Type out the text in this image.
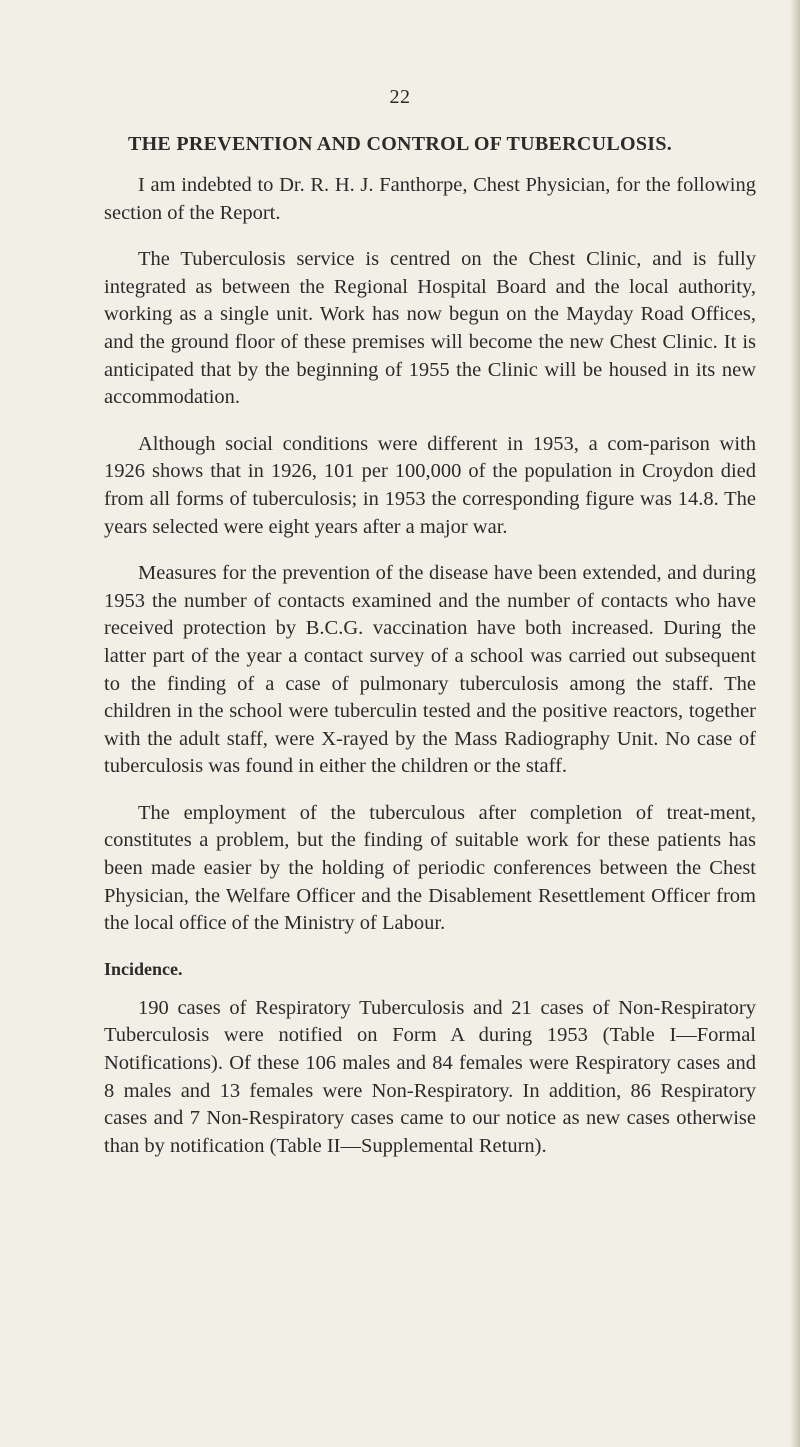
22
THE PREVENTION AND CONTROL OF TUBERCULOSIS.

I am indebted to Dr. R. H. J. Fanthorpe, Chest Physician, for the following section of the Report.

The Tuberculosis service is centred on the Chest Clinic, and is fully integrated as between the Regional Hospital Board and the local authority, working as a single unit. Work has now begun on the Mayday Road Offices, and the ground floor of these premises will become the new Chest Clinic. It is anticipated that by the beginning of 1955 the Clinic will be housed in its new accommodation.

Although social conditions were different in 1953, a com-parison with 1926 shows that in 1926, 101 per 100,000 of the population in Croydon died from all forms of tuberculosis; in 1953 the corresponding figure was 14.8. The years selected were eight years after a major war.

Measures for the prevention of the disease have been extended, and during 1953 the number of contacts examined and the number of contacts who have received protection by B.C.G. vaccination have both increased. During the latter part of the year a contact survey of a school was carried out subsequent to the finding of a case of pulmonary tuberculosis among the staff. The children in the school were tuberculin tested and the positive reactors, together with the adult staff, were X-rayed by the Mass Radiography Unit. No case of tuberculosis was found in either the children or the staff.

The employment of the tuberculous after completion of treat-ment, constitutes a problem, but the finding of suitable work for these patients has been made easier by the holding of periodic conferences between the Chest Physician, the Welfare Officer and the Disablement Resettlement Officer from the local office of the Ministry of Labour.

Incidence.

190 cases of Respiratory Tuberculosis and 21 cases of Non-Respiratory Tuberculosis were notified on Form A during 1953 (Table I—Formal Notifications). Of these 106 males and 84 females were Respiratory cases and 8 males and 13 females were Non-Respiratory. In addition, 86 Respiratory cases and 7 Non-Respiratory cases came to our notice as new cases otherwise than by notification (Table II—Supplemental Return).
